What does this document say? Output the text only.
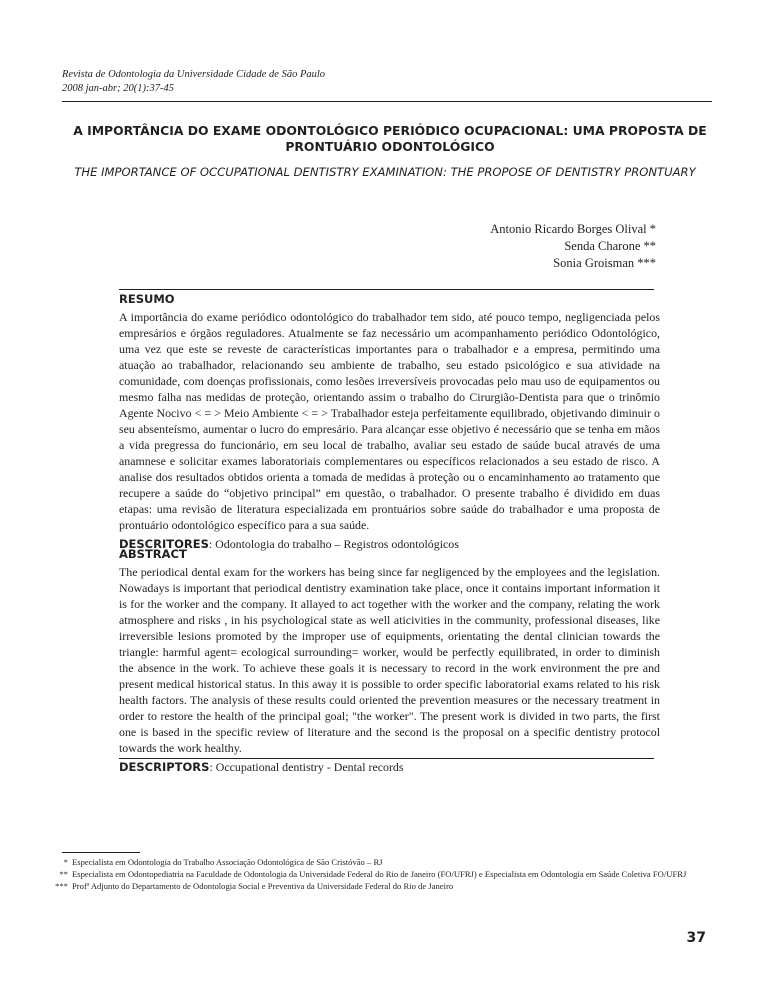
Revista de Odontologia da Universidade Cidade de São Paulo
2008 jan-abr; 20(1):37-45
A IMPORTÂNCIA DO EXAME ODONTOLÓGICO PERIÓDICO OCUPACIONAL: UMA PROPOSTA DE PRONTUÁRIO ODONTOLÓGICO
THE IMPORTANCE OF OCCUPATIONAL DENTISTRY EXAMINATION: THE PROPOSE OF DENTISTRY PRONTUARY
Antonio Ricardo Borges Olival *
Senda Charone **
Sonia Groisman ***

RESUMO

A importância do exame periódico odontológico do trabalhador tem sido, até pouco tempo, negligenciada pelos empresários e órgãos reguladores. Atualmente se faz necessário um acompanhamento periódico Odontológico, uma vez que este se reveste de características importantes para o trabalhador e a empresa, permitindo uma atuação ao trabalhador, relacionando seu ambiente de trabalho, seu estado psicológico e sua atividade na comunidade, com doenças profissionais, como lesões irreversíveis provocadas pelo mau uso de equipamentos ou mesmo falha nas medidas de proteção, orientando assim o trabalho do Cirurgião-Dentista para que o trinômio Agente Nocivo < = > Meio Ambiente < = > Trabalhador esteja perfeitamente equilibrado, objetivando diminuir o seu absenteísmo, aumentar o lucro do empresário. Para alcançar esse objetivo é necessário que se tenha em mãos a vida pregressa do funcionário, em seu local de trabalho, avaliar seu estado de saúde bucal através de uma anamnese e solicitar exames laboratoriais complementares ou específicos relacionados a seu estado de risco. A analise dos resultados obtidos orienta a tomada de medidas à proteção ou o encaminhamento ao tratamento que recupere a saúde do “objetivo principal” em questão, o trabalhador. O presente trabalho é dividido em duas etapas: uma revisão de literatura especializada em prontuários sobre saúde do trabalhador e uma proposta de prontuário odontológico específico para a sua saúde.

DESCRITORES: Odontologia do trabalho – Registros odontológicos

ABSTRACT

The periodical dental exam for the workers has being since far negligenced by the employees and the legislation. Nowadays is important that periodical dentistry examination take place, once it contains important information it is for the worker and the company. It allayed to act together with the worker and the company, relating the work atmosphere and risks , in his psychological state as well aticivities in the community, professional diseases, like irreversible lesions promoted by the improper use of equipments, orientating the dental clinician towards the triangle: harmful agent= ecological surrounding= worker, would be perfectly equilibrated, in order to diminish the absence in the work. To achieve these goals it is necessary to record in the work environment the pre and present medical historical status. In this away it is possible to order specific laboratorial exams related to his risk health factors. The analysis of these results could oriented the prevention measures or the necessary treatment in order to restore the health of the principal goal; "the worker". The present work is divided in two parts, the first one is based in the specific review of literature and the second is the proposal on a specific dentistry protocol towards the work healthy.

DESCRIPTORS: Occupational dentistry - Dental records

* Especialista em Odontologia do Trabalho Associação Odontológica de São Cristóvão – RJ
** Especialista em Odontopediatria na Faculdade de Odontologia da Universidade Federal do Rio de Janeiro (FO/UFRJ) e Especialista em Odontologia em Saúde Coletiva FO/UFRJ
*** Profª Adjunto do Departamento de Odontologia Social e Preventiva da Universidade Federal do Rio de Janeiro
37
